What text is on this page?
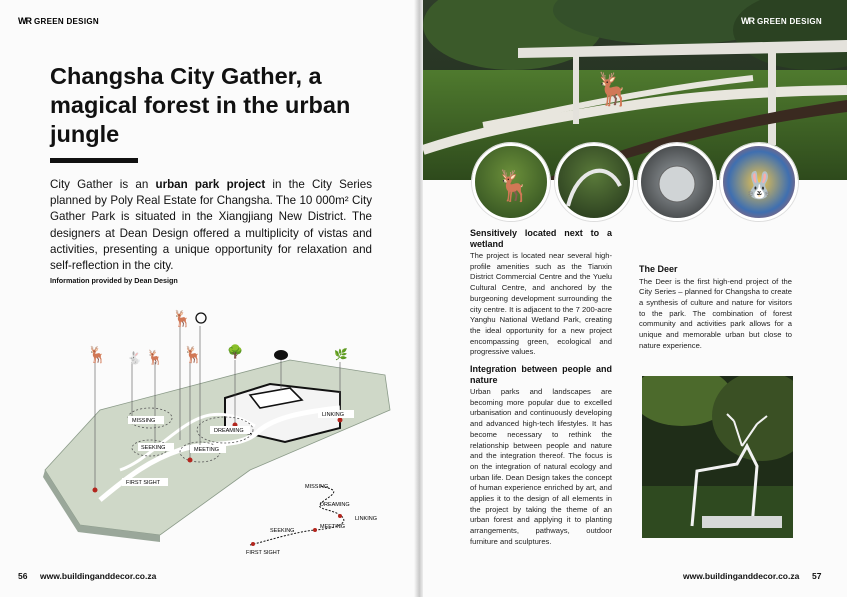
WR GREEN DESIGN
Changsha City Gather, a magical forest in the urban jungle

City Gather is an urban park project in the City Series planned by Poly Real Estate for Changsha. The 10 000m² City Gather Park is situated in the Xiangjiang New District. The designers at Dean Design offered a multiplicity of vistas and activities, presenting a unique opportunity for relaxation and self-reflection in the city.

Information provided by Dean Design
🦌 🐇 🦌
🦌
🦌 🌳	🌿
MISSING
DREAMING
SEEKING	MEETING
LINKING
FIRST SIGHT
FIRST SIGHT
SEEKING
MEETING
LINKING
DREAMING
MISSING
56 www.buildinganddecor.co.za
🦌
WR GREEN DESIGN
🦌	🐰
Sensitively located next to a wetland

The project is located near several high-profile amenities such as the Tianxin District Commercial Centre and the Yuelu Cultural Centre, and anchored by the burgeoning development surrounding the city centre. It is adjacent to the 7 200-acre Yanghu National Wetland Park, creating the ideal opportunity for a new project encompassing green, ecological and progressive values.

Integration between people and nature

Urban parks and landscapes are becoming more popular due to excelled urbanisation and continuously developing and advanced high-tech lifestyles. It has become necessary to rethink the relationship between people and nature and the integration thereof. The focus is on the integration of natural ecology and urban life. Dean Design takes the concept of human experience enriched by art, and applies it to the design of all elements in the project by taking the theme of an urban forest and applying it to planting arrangements, pathways, outdoor furniture and sculptures.

The Deer

The Deer is the first high-end project of the City Series – planned for Changsha to create a synthesis of culture and nature for visitors to the park. The combination of forest community and activities park allows for a unique and memorable urban but close to nature experience.

www.buildinganddecor.co.za 57
